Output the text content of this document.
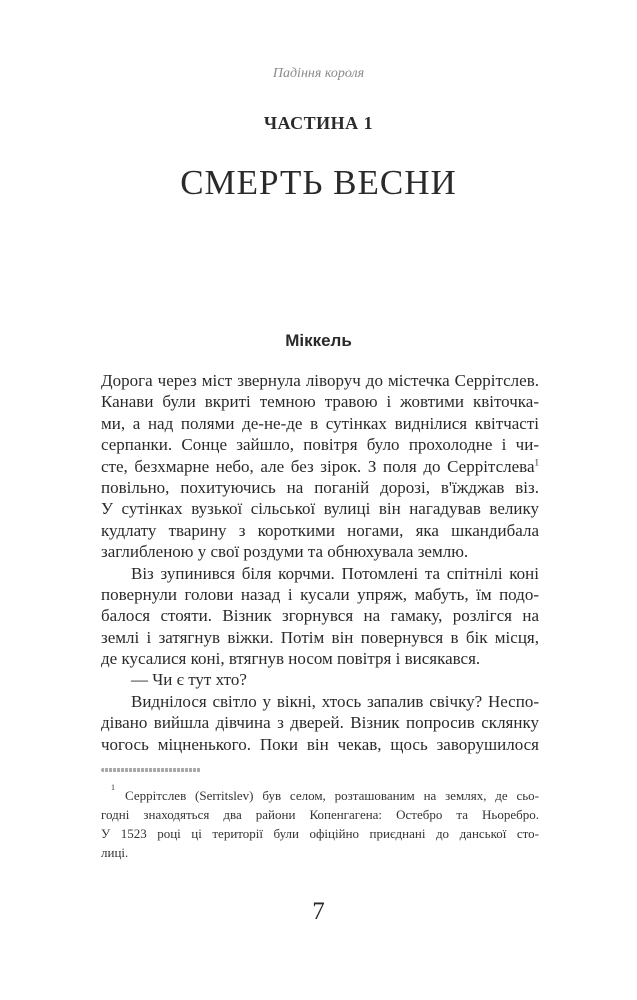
Падіння короля
ЧАСТИНА 1
СМЕРТЬ ВЕСНИ
Міккель
Дорога через міст звернула ліворуч до містечка Серрітслев.
Канави були вкриті темною травою і жовтими квіточка-
ми, а над полями де-не-де в сутінках виднілися квітчасті
серпанки. Сонце зайшло, повітря було прохолодне і чи-
сте, безхмарне небо, але без зірок. З поля до Серрітслева$^1$
повільно, похитуючись на поганій дорозі, в'їжджав віз.
У сутінках вузької сільської вулиці він нагадував велику
кудлату тварину з короткими ногами, яка шкандибала
заглибленою у свої роздуми та обнюхувала землю.
Віз зупинився біля корчми. Потомлені та спітнілі коні
повернули голови назад і кусали упряж, мабуть, їм подо-
балося стояти. Візник згорнувся на гамаку, розлігся на
землі і затягнув віжки. Потім він повернувся в бік місця,
де кусалися коні, втягнув носом повітря і висякався.
— Чи є тут хто?
Виднілося світло у вікні, хтось запалив свічку? Неспо-
дівано вийшла дівчина з дверей. Візник попросив склянку
чогось міцненького. Поки він чекав, щось заворушилося
1
Серрітслев (Serritslev) був селом, розташованим на землях, де сьо-
годні знаходяться два райони Копенгагена: Остебро та Ньоребро.
У 1523 році ці території були офіційно приєднані до данської сто-
лиці.
7
